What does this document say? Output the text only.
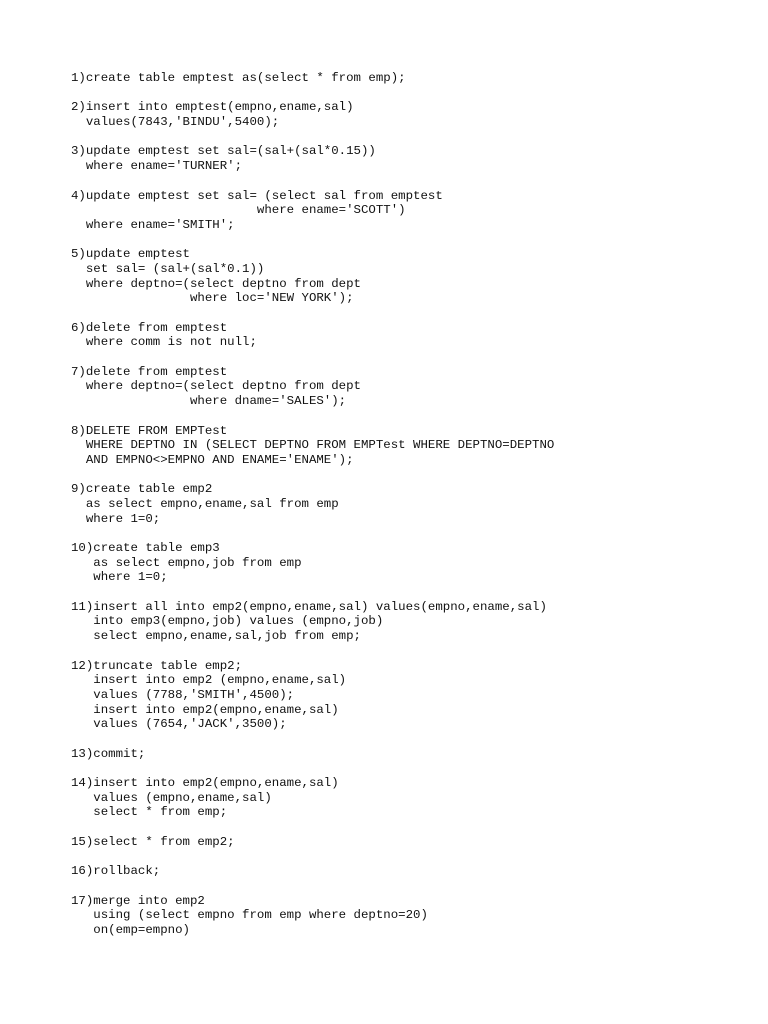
1)create table emptest as(select * from emp);
2)insert into emptest(empno,ename,sal)
values(7843,'BINDU',5400);
3)update emptest set sal=(sal+(sal*0.15))
where ename='TURNER';
4)update emptest set sal= (select sal from emptest
where ename='SCOTT')
where ename='SMITH';
5)update emptest
set sal= (sal+(sal*0.1))
where deptno=(select deptno from dept
where loc='NEW YORK');
6)delete from emptest
where comm is not null;
7)delete from emptest
where deptno=(select deptno from dept
where dname='SALES');
8)DELETE FROM EMPTest
WHERE DEPTNO IN (SELECT DEPTNO FROM EMPTest WHERE DEPTNO=DEPTNO
AND EMPNO<>EMPNO AND ENAME='ENAME');
9)create table emp2
as select empno,ename,sal from emp
where 1=0;
10)create table emp3
as select empno,job from emp
where 1=0;
11)insert all into emp2(empno,ename,sal) values(empno,ename,sal)
into emp3(empno,job) values (empno,job)
select empno,ename,sal,job from emp;
12)truncate table emp2;
insert into emp2 (empno,ename,sal)
values (7788,'SMITH',4500);
insert into emp2(empno,ename,sal)
values (7654,'JACK',3500);
13)commit;
14)insert into emp2(empno,ename,sal)
values (empno,ename,sal)
select * from emp;
15)select * from emp2;
16)rollback;
17)merge into emp2
using (select empno from emp where deptno=20)
on(emp=empno)
